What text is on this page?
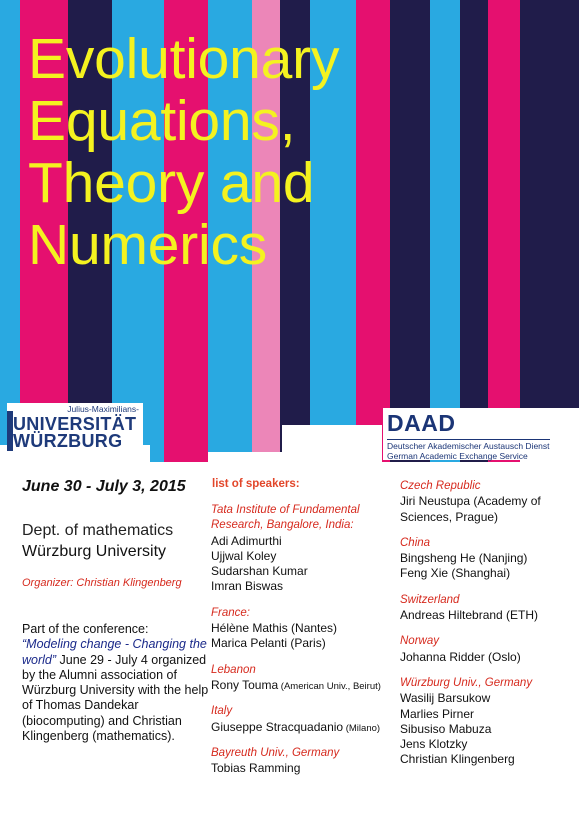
Evolutionary
Equations,
Theory and
Numerics
Julius-Maximilians-
UNIVERSITÄT
WÜRZBURG
DAAD
Deutscher Akademischer Austausch Dienst
German Academic Exchange Service
June 30 - July 3, 2015
Dept. of mathematics
Würzburg University
Organizer: Christian Klingenberg
Part of the conference:
“Modeling change - Changing the world” June 29 - July 4 organized by the Alumni association of Würzburg University with the help of Thomas Dandekar (biocomputing) and Christian Klingenberg (mathematics).
list of speakers:
Tata Institute of Fundamental
Research, Bangalore, India:
Adi Adimurthi
Ujjwal Koley
Sudarshan Kumar
Imran Biswas
France:
Hélène Mathis (Nantes)
Marica Pelanti (Paris)
Lebanon
Rony Touma (American Univ., Beirut)
Italy
Giuseppe Stracquadanio (Milano)
Bayreuth Univ., Germany
Tobias Ramming
Czech Republic
Jiri Neustupa (Academy of
Sciences, Prague)
China
Bingsheng He (Nanjing)
Feng Xie (Shanghai)
Switzerland
Andreas Hiltebrand (ETH)
Norway
Johanna Ridder (Oslo)
Würzburg Univ., Germany
Wasilij Barsukow
Marlies Pirner
Sibusiso Mabuza
Jens Klotzky
Christian Klingenberg
